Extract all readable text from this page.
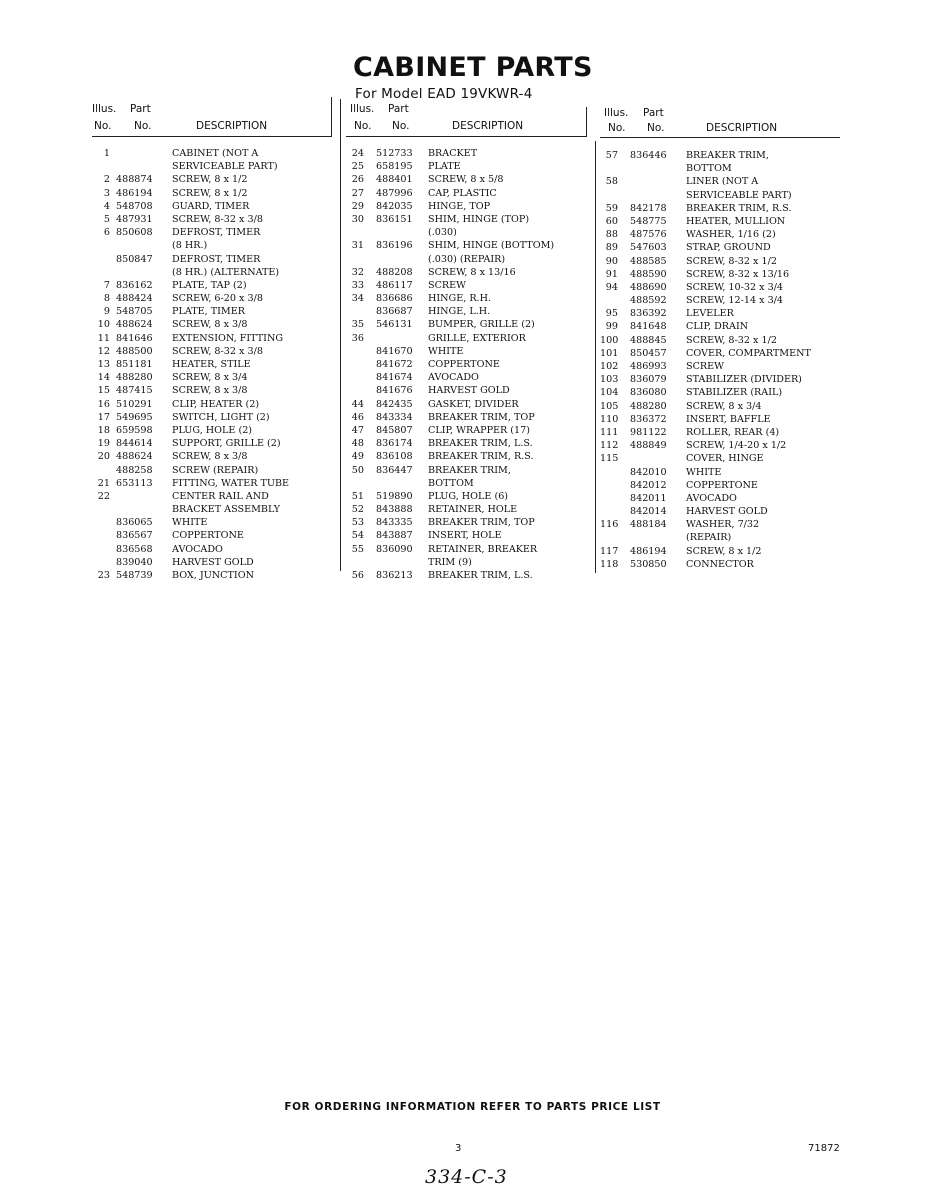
CABINET PARTS
For Model EAD 19VKWR-4
Illus. Part
No. No.	DESCRIPTION
1	CABINET (NOT A
SERVICEABLE PART)
2 488874 SCREW, 8 x 1/2
3 486194 SCREW, 8 x 1/2
4 548708 GUARD, TIMER
5 487931 SCREW, 8-32 x 3/8
6 850608 DEFROST, TIMER
(8 HR.)
850847 DEFROST, TIMER
(8 HR.) (ALTERNATE)
7 836162 PLATE, TAP (2)
8 488424 SCREW, 6-20 x 3/8
9 548705 PLATE, TIMER
10 488624 SCREW, 8 x 3/8
11 841646 EXTENSION, FITTING
12 488500 SCREW, 8-32 x 3/8
13 851181 HEATER, STILE
14 488280 SCREW, 8 x 3/4
15 487415 SCREW, 8 x 3/8
16 510291 CLIP, HEATER (2)
17 549695 SWITCH, LIGHT (2)
18 659598 PLUG, HOLE (2)
19 844614 SUPPORT, GRILLE (2)
20 488624 SCREW, 8 x 3/8
488258 SCREW (REPAIR)
21 653113 FITTING, WATER TUBE
22	CENTER RAIL AND
BRACKET ASSEMBLY
836065 WHITE
836567 COPPERTONE
836568 AVOCADO
839040 HARVEST GOLD
23 548739 BOX, JUNCTION
Illus. Part
No. No.	DESCRIPTION
24 512733 BRACKET
25 658195 PLATE
26 488401 SCREW, 8 x 5/8
27 487996 CAP, PLASTIC
29 842035 HINGE, TOP
30 836151 SHIM, HINGE (TOP)
(.030)
31 836196 SHIM, HINGE (BOTTOM)
(.030) (REPAIR)
32 488208 SCREW, 8 x 13/16
33 486117 SCREW
34 836686 HINGE, R.H.
836687 HINGE, L.H.
35 546131 BUMPER, GRILLE (2)
36	GRILLE, EXTERIOR
841670 WHITE
841672 COPPERTONE
841674 AVOCADO
841676 HARVEST GOLD
44 842435 GASKET, DIVIDER
46 843334 BREAKER TRIM, TOP
47 845807 CLIP, WRAPPER (17)
48 836174 BREAKER TRIM, L.S.
49 836108 BREAKER TRIM, R.S.
50 836447 BREAKER TRIM,
BOTTOM
51 519890 PLUG, HOLE (6)
52 843888 RETAINER, HOLE
53 843335 BREAKER TRIM, TOP
54 843887 INSERT, HOLE
55 836090 RETAINER, BREAKER
TRIM (9)
56 836213 BREAKER TRIM, L.S.
Illus. Part
No. No.	DESCRIPTION
57 836446 BREAKER TRIM,
BOTTOM
58	LINER (NOT A
SERVICEABLE PART)
59 842178 BREAKER TRIM, R.S.
60 548775 HEATER, MULLION
88 487576 WASHER, 1/16 (2)
89 547603 STRAP, GROUND
90 488585 SCREW, 8-32 x 1/2
91 488590 SCREW, 8-32 x 13/16
94 488690 SCREW, 10-32 x 3/4
488592 SCREW, 12-14 x 3/4
95 836392 LEVELER
99 841648 CLIP, DRAIN
100 488845 SCREW, 8-32 x 1/2
101 850457 COVER, COMPARTMENT
102 486993 SCREW
103 836079 STABILIZER (DIVIDER)
104 836080 STABILIZER (RAIL)
105 488280 SCREW, 8 x 3/4
110 836372 INSERT, BAFFLE
111 981122 ROLLER, REAR (4)
112 488849 SCREW, 1/4-20 x 1/2
115	COVER, HINGE
842010 WHITE
842012 COPPERTONE
842011 AVOCADO
842014 HARVEST GOLD
116 488184 WASHER, 7/32
(REPAIR)
117 486194 SCREW, 8 x 1/2
118 530850 CONNECTOR
FOR ORDERING INFORMATION REFER TO PARTS PRICE LIST
3	71872
334-C-3
